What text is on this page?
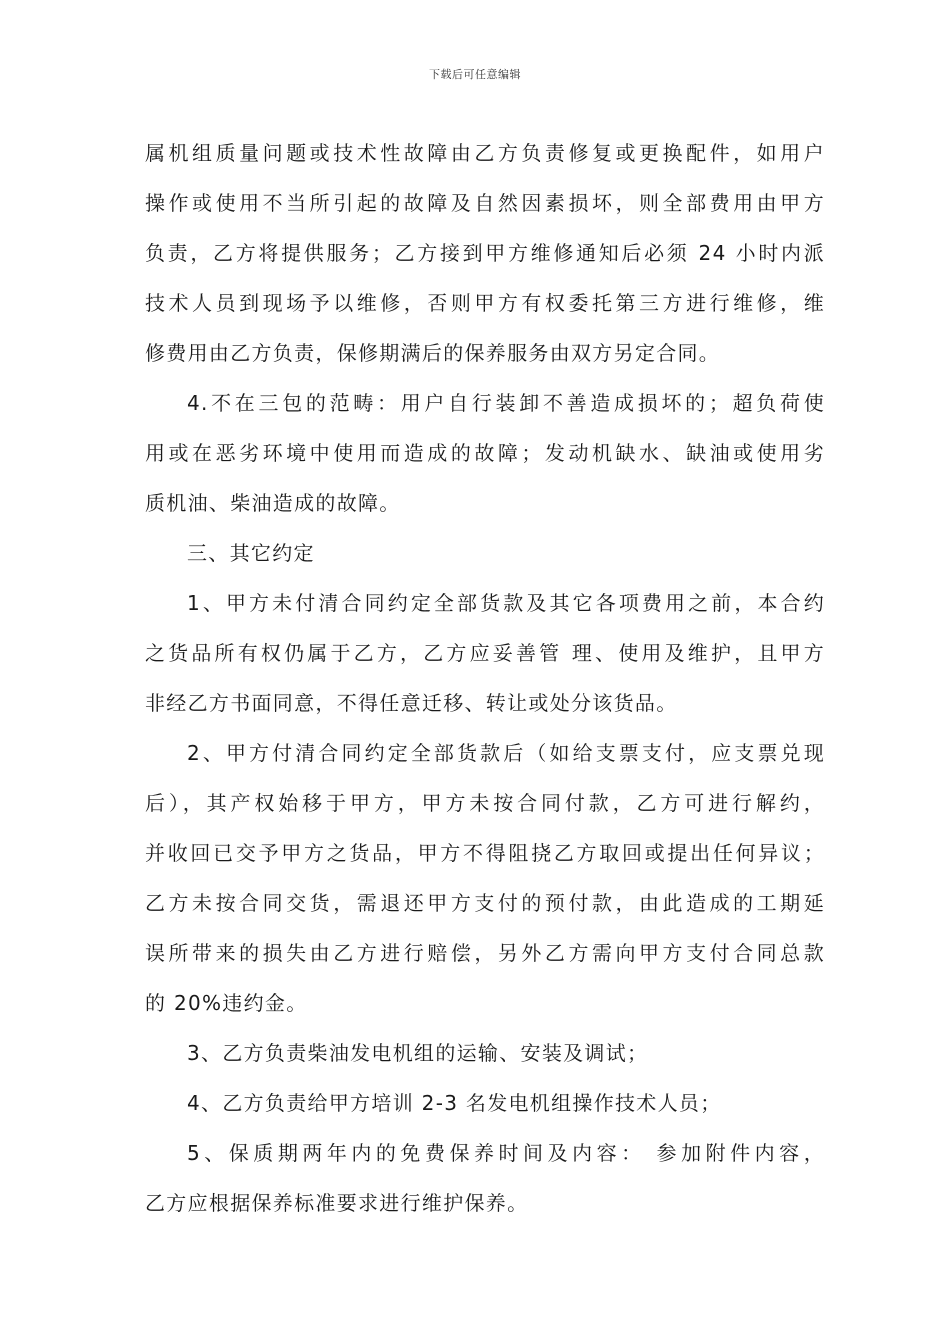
下载后可任意编辑
属机组质量问题或技术性故障由乙方负责修复或更换配件，如用户
操作或使用不当所引起的故障及自然因素损坏，则全部费用由甲方
负责，乙方将提供服务；乙方接到甲方维修通知后必须 24 小时内派
技术人员到现场予以维修，否则甲方有权委托第三方进行维修，维
修费用由乙方负责，保修期满后的保养服务由双方另定合同。
4.不在三包的范畴：用户自行装卸不善造成损坏的；超负荷使
用或在恶劣环境中使用而造成的故障；发动机缺水、缺油或使用劣
质机油、柴油造成的故障。
三、其它约定
1、甲方未付清合同约定全部货款及其它各项费用之前，本合约
之货品所有权仍属于乙方，乙方应妥善管 理、使用及维护，且甲方
非经乙方书面同意，不得任意迁移、转让或处分该货品。
2、甲方付清合同约定全部货款后（如给支票支付，应支票兑现
后），其产权始移于甲方，甲方未按合同付款，乙方可进行解约，
并收回已交予甲方之货品，甲方不得阻挠乙方取回或提出任何异议；
乙方未按合同交货，需退还甲方支付的预付款，由此造成的工期延
误所带来的损失由乙方进行赔偿，另外乙方需向甲方支付合同总款
的 20%违约金。
3、乙方负责柴油发电机组的运输、安装及调试；
4、乙方负责给甲方培训 2-3 名发电机组操作技术人员；
5、保质期两年内的免费保养时间及内容： 参加附件内容，
乙方应根据保养标准要求进行维护保养。
